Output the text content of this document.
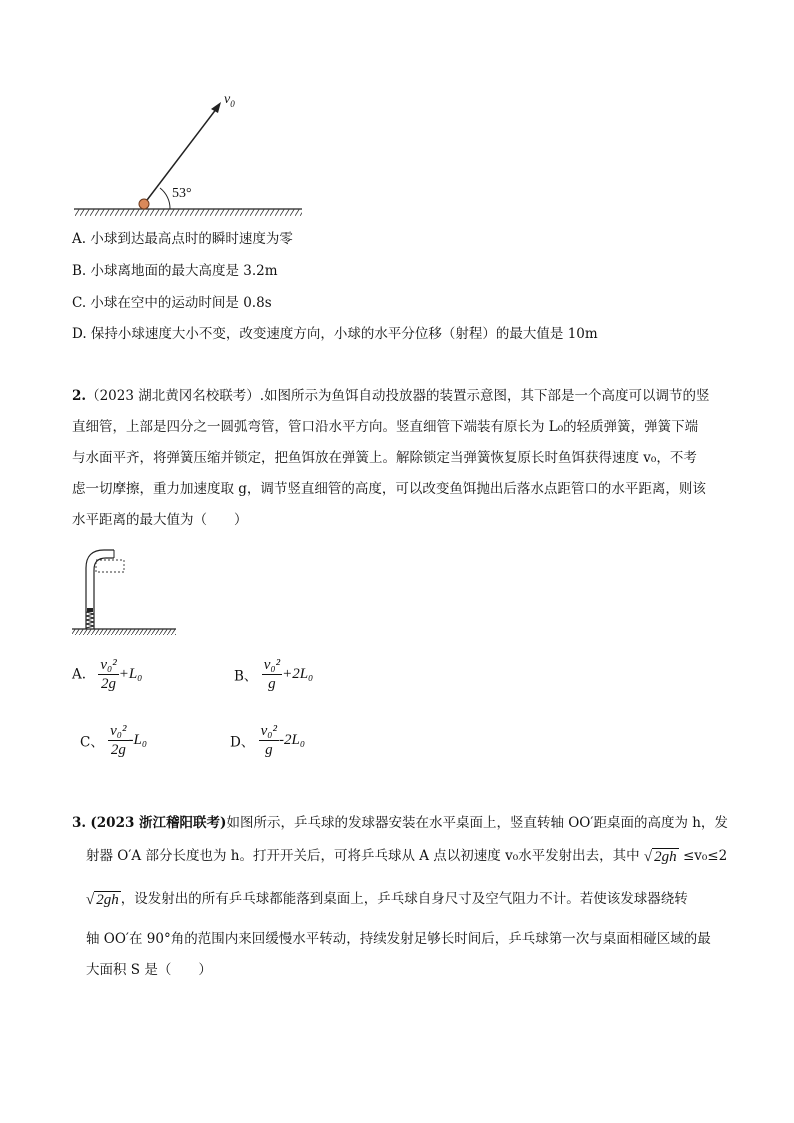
$v_0$
53°
A. 小球到达最高点时的瞬时速度为零
B. 小球离地面的最大高度是 3.2m
C. 小球在空中的运动时间是 0.8s
D. 保持小球速度大小不变，改变速度方向，小球的水平分位移（射程）的最大值是 10m
2.（2023 湖北黄冈名校联考）.如图所示为鱼饵自动投放器的装置示意图，其下部是一个高度可以调节的竖
直细管，上部是四分之一圆弧弯管，管口沿水平方向。竖直细管下端装有原长为 L₀的轻质弹簧，弹簧下端
与水面平齐，将弹簧压缩并锁定，把鱼饵放在弹簧上。解除锁定当弹簧恢复原长时鱼饵获得速度 v₀，不考
虑一切摩擦，重力加速度取 g，调节竖直细管的高度，可以改变鱼饵抛出后落水点距管口的水平距离，则该
水平距离的最大值为（　　）
A. $\frac{\text{v₀²}}{2g} +L_0$	B、 $\frac{\text{v₀²}}{g} +2L_0$
C、 $\frac{\text{v₀²}}{2g} -L_0$	D、 $\frac{\text{v₀²}}{g} -2L_0$
3. (2023 浙江稽阳联考)如图所示，乒乓球的发球器安装在水平桌面上，竖直转轴 OO′距桌面的高度为 h，发
射器 O′A 部分长度也为 h。打开开关后，可将乒乓球从 A 点以初速度 v₀水平发射出去，其中 √ 2gh ≤v₀≤2
√ 2gh ，设发射出的所有乒乓球都能落到桌面上，乒乓球自身尺寸及空气阻力不计。若使该发球器绕转
轴 OO′在 90°角的范围内来回缓慢水平转动，持续发射足够长时间后，乒乓球第一次与桌面相碰区域的最
大面积 S 是（　　）
